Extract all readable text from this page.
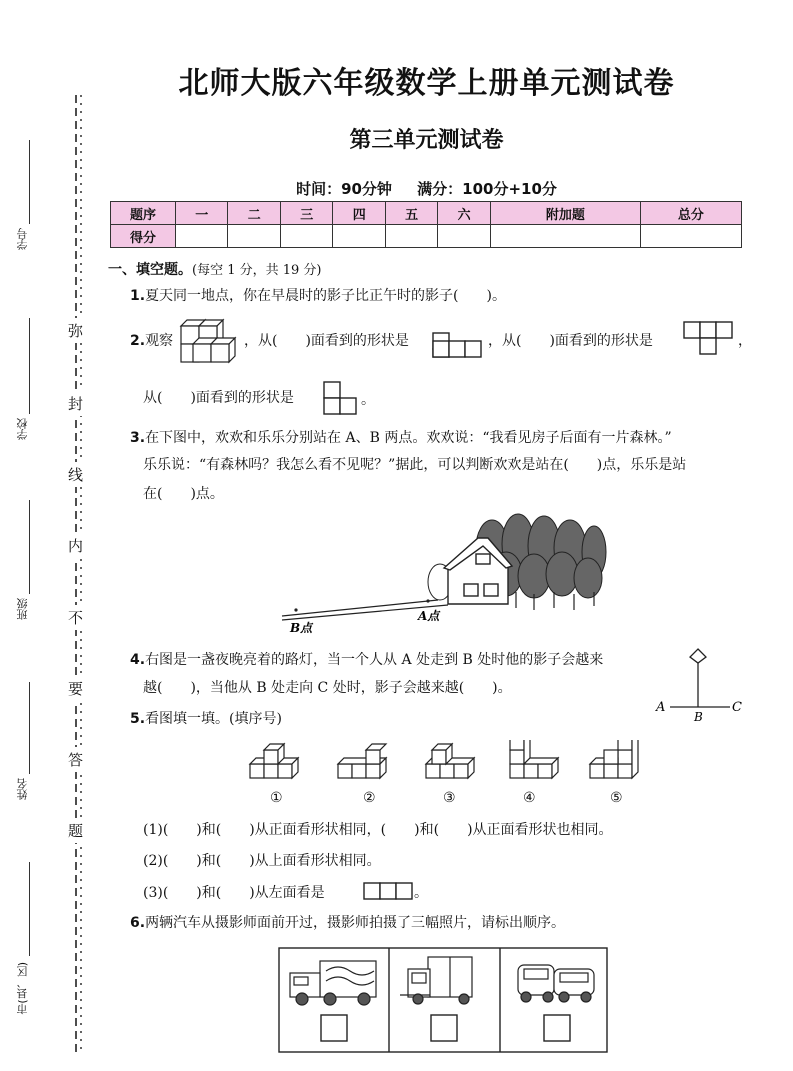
弥
封
线
内
不
要
答
题
学号
学校
班级
姓名
市(县、区)
北师大版六年级数学上册单元测试卷
第三单元测试卷
时间：90分钟 满分：100分+10分
题序	一	二	三	四	五	六	附加题	总分
得分								
一、填空题。(每空 1 分，共 19 分)
1.夏天同一地点，你在早晨时的影子比正午时的影子(　　)。
2.观察	，从(　　)面看到的形状是	，从(　　)面看到的形状是	，
从(　　)面看到的形状是	。
3.在下图中，欢欢和乐乐分别站在 A、B 两点。欢欢说：“我看见房子后面有一片森林。”
乐乐说：“有森林吗？我怎么看不见呢？”据此，可以判断欢欢是站在(　　)点，乐乐是站
在(　　)点。
B点
A点
4.右图是一盏夜晚亮着的路灯，当一个人从 A 处走到 B 处时他的影子会越来
越(　　)，当他从 B 处走向 C 处时，影子会越来越(　　)。
A
B
C
5.看图填一填。(填序号)
①	②	③	④	⑤
(1)(　　)和(　　)从正面看形状相同，(　　)和(　　)从正面看形状也相同。
(2)(　　)和(　　)从上面看形状相同。
(3)(　　)和(　　)从左面看是	。
6.两辆汽车从摄影师面前开过，摄影师拍摄了三幅照片，请标出顺序。
